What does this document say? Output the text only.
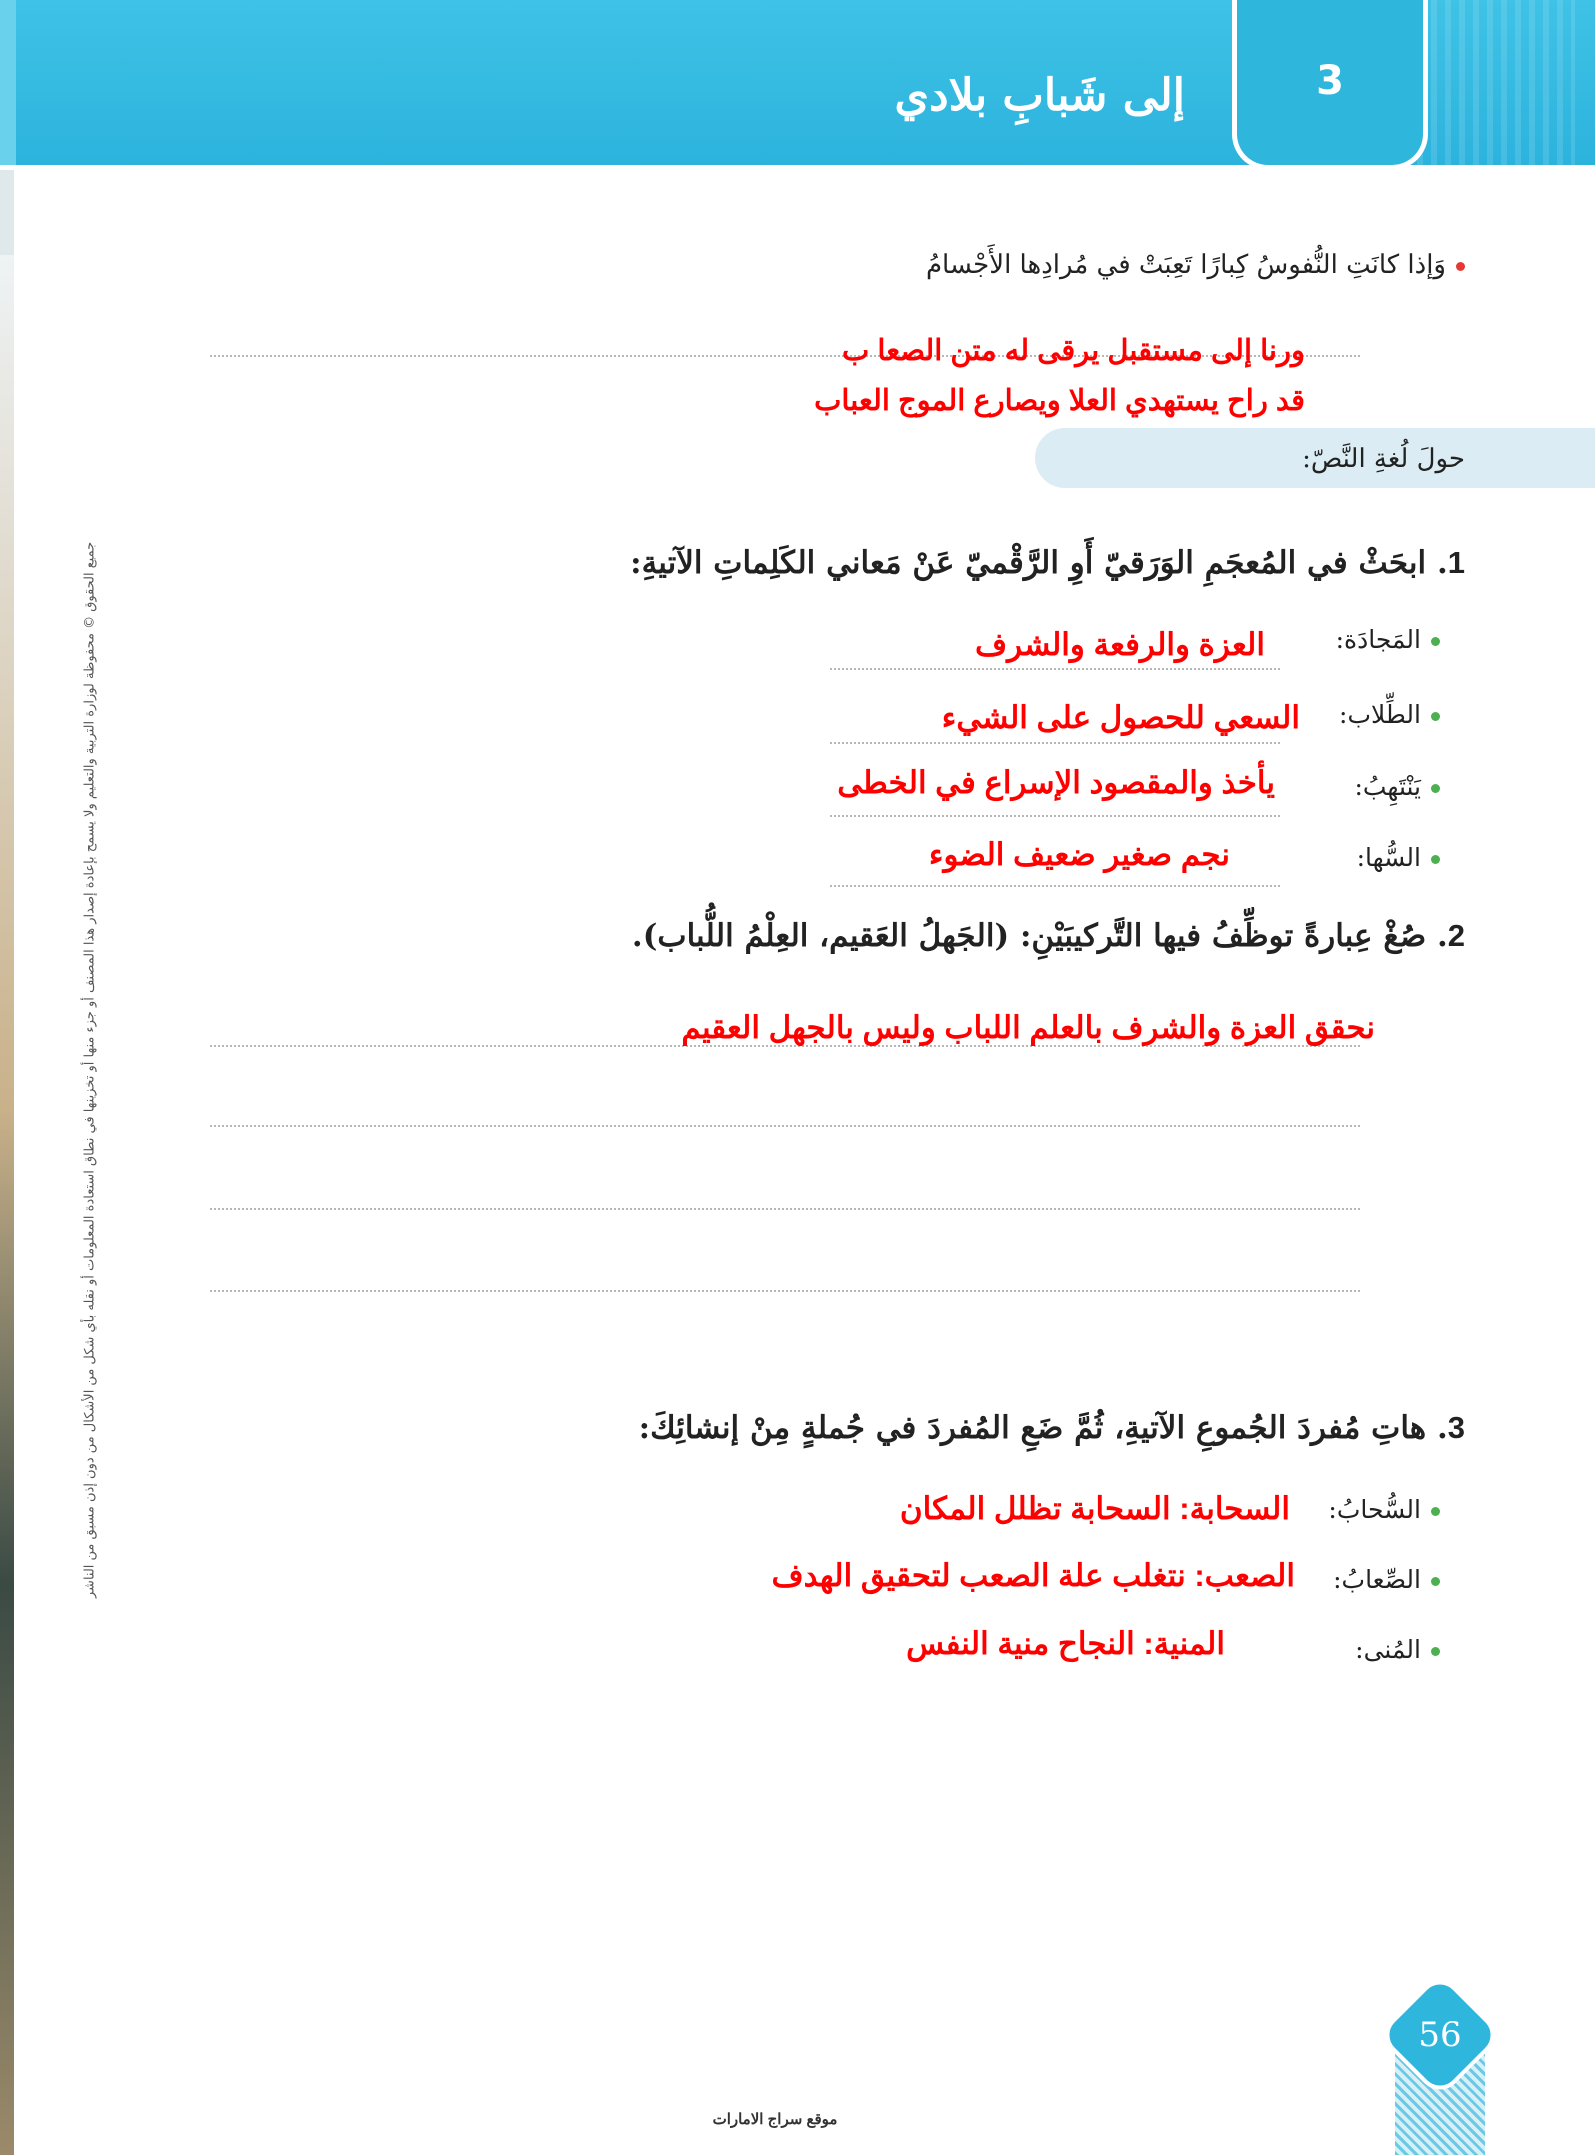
3
إلى شَبابِ بلادي
جميع الحقوق © محفوظة لوزارة التربية والتعليم ولا يسمح بإعادة إصدار هذا المصنف أو جزء منها أو تخزينها في نطاق استعادة المعلومات أو نقله بأي شكل من الأشكال من دون إذن مسبق من الناشر
وَإذا كانَتِ النُّفوسُ كِبارًا تَعِبَتْ في مُرادِها الأَجْسامُ
ورنا إلى مستقبل يرقى له متن الصعا ب
قد راح يستهدي العلا ويصارع الموج العباب
حولَ لُغةِ النَّصّ:
1. ابحَثْ في المُعجَمِ الوَرَقيّ أَوِ الرَّقْميّ عَنْ مَعاني الكَلِماتِ الآتيةِ:
المَجادَة:
العزة والرفعة والشرف
الطِّلاب:
السعي للحصول على الشيء
يَنْتَهِبُ:
يأخذ والمقصود الإسراع في الخطى
السُّها:
نجم صغير ضعيف الضوء
2. صُغْ عِبارةً توظِّفُ فيها التَّركيبَيْنِ: (الجَهلُ العَقيم، العِلْمُ اللُّباب).
نحقق العزة والشرف بالعلم اللباب وليس بالجهل العقيم
3. هاتِ مُفردَ الجُموعِ الآتيةِ، ثُمَّ ضَعِ المُفردَ في جُملةٍ مِنْ إنشائِكَ:
السُّحابُ:
السحابة: السحابة تظلل المكان
الصِّعابُ:
الصعب: نتغلب علة الصعب لتحقيق الهدف
المُنى:
المنية: النجاح منية النفس
56
موقع سراج الامارات
